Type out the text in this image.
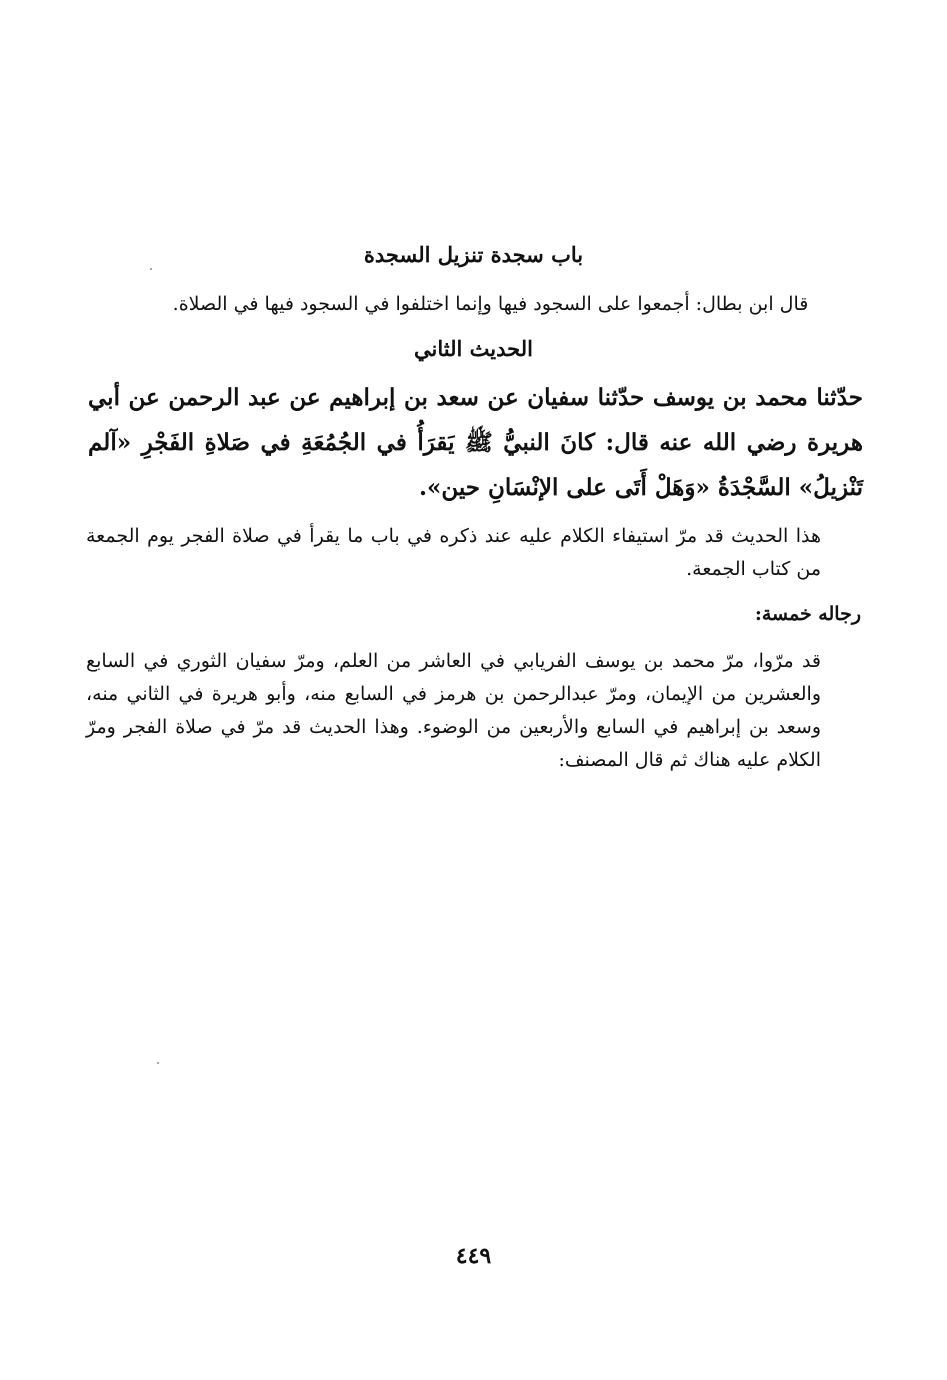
باب سجدة تنزيل السجدة
قال ابن بطال: أجمعوا على السجود فيها وإنما اختلفوا في السجود فيها في الصلاة.
الحديث الثاني
حدّثنا محمد بن يوسف حدّثنا سفيان عن سعد بن إبراهيم عن عبد الرحمن عن أبي هريرة رضي الله عنه قال: كانَ النبيُّ ﷺ يَقرَأُ في الجُمُعَةِ في صَلاةِ الفَجْرِ «آلم تَنْزيلُ» السَّجْدَةُ «وَهَلْ أَتَى على الإنْسَانِ حين».
هذا الحديث قد مرّ استيفاء الكلام عليه عند ذكره في باب ما يقرأ في صلاة الفجر يوم الجمعة من كتاب الجمعة.
رجاله خمسة:
قد مرّوا، مرّ محمد بن يوسف الفريابي في العاشر من العلم، ومرّ سفيان الثوري في السابع والعشرين من الإيمان، ومرّ عبدالرحمن بن هرمز في السابع منه، وأبو هريرة في الثاني منه، وسعد بن إبراهيم في السابع والأربعين من الوضوء. وهذا الحديث قد مرّ في صلاة الفجر ومرّ الكلام عليه هناك ثم قال المصنف:
٤٤٩
